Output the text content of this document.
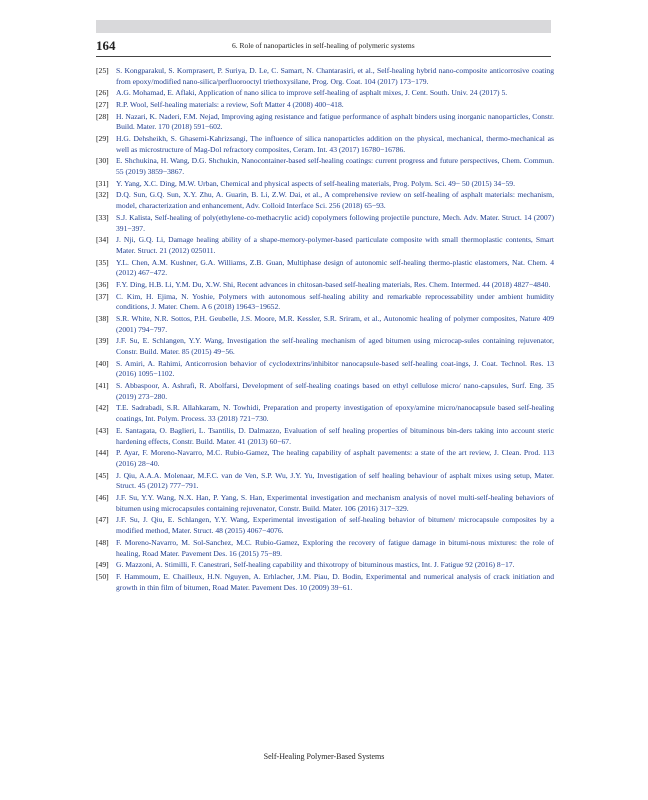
164	6. Role of nanoparticles in self-healing of polymeric systems
[25] S. Kongparakul, S. Kornprasert, P. Suriya, D. Le, C. Samart, N. Chantarasiri, et al., Self-healing hybrid nano-composite anticorrosive coating from epoxy/modified nano-silica/perfluorooctyl triethoxysilane, Prog. Org. Coat. 104 (2017) 173−179.
[26] A.G. Mohamad, E. Aflaki, Application of nano silica to improve self-healing of asphalt mixes, J. Cent. South. Univ. 24 (2017) 5.
[27] R.P. Wool, Self-healing materials: a review, Soft Matter 4 (2008) 400−418.
[28] H. Nazari, K. Naderi, F.M. Nejad, Improving aging resistance and fatigue performance of asphalt binders using inorganic nanoparticles, Constr. Build. Mater. 170 (2018) 591−602.
[29] H.G. Dehsheikh, S. Ghasemi-Kahrizsangi, The influence of silica nanoparticles addition on the physical, mechanical, thermo-mechanical as well as microstructure of Mag-Dol refractory composites, Ceram. Int. 43 (2017) 16780−16786.
[30] E. Shchukina, H. Wang, D.G. Shchukin, Nanocontainer-based self-healing coatings: current progress and future perspectives, Chem. Commun. 55 (2019) 3859−3867.
[31] Y. Yang, X.C. Ding, M.W. Urban, Chemical and physical aspects of self-healing materials, Prog. Polym. Sci. 49− 50 (2015) 34−59.
[32] D.Q. Sun, G.Q. Sun, X.Y. Zhu, A. Guarin, B. Li, Z.W. Dai, et al., A comprehensive review on self-healing of asphalt materials: mechanism, model, characterization and enhancement, Adv. Colloid Interface Sci. 256 (2018) 65−93.
[33] S.J. Kalista, Self-healing of poly(ethylene-co-methacrylic acid) copolymers following projectile puncture, Mech. Adv. Mater. Struct. 14 (2007) 391−397.
[34] J. Nji, G.Q. Li, Damage healing ability of a shape-memory-polymer-based particulate composite with small thermoplastic contents, Smart Mater. Struct. 21 (2012) 025011.
[35] Y.L. Chen, A.M. Kushner, G.A. Williams, Z.B. Guan, Multiphase design of autonomic self-healing thermo-plastic elastomers, Nat. Chem. 4 (2012) 467−472.
[36] F.Y. Ding, H.B. Li, Y.M. Du, X.W. Shi, Recent advances in chitosan-based self-healing materials, Res. Chem. Intermed. 44 (2018) 4827−4840.
[37] C. Kim, H. Ejima, N. Yoshie, Polymers with autonomous self-healing ability and remarkable reprocessability under ambient humidity conditions, J. Mater. Chem. A 6 (2018) 19643−19652.
[38] S.R. White, N.R. Sottos, P.H. Geubelle, J.S. Moore, M.R. Kessler, S.R. Sriram, et al., Autonomic healing of polymer composites, Nature 409 (2001) 794−797.
[39] J.F. Su, E. Schlangen, Y.Y. Wang, Investigation the self-healing mechanism of aged bitumen using microcap-sules containing rejuvenator, Constr. Build. Mater. 85 (2015) 49−56.
[40] S. Amiri, A. Rahimi, Anticorrosion behavior of cyclodextrins/inhibitor nanocapsule-based self-healing coat-ings, J. Coat. Technol. Res. 13 (2016) 1095−1102.
[41] S. Abbaspoor, A. Ashrafi, R. Abolfarsi, Development of self-healing coatings based on ethyl cellulose micro/ nano-capsules, Surf. Eng. 35 (2019) 273−280.
[42] T.E. Sadrabadi, S.R. Allahkaram, N. Towhidi, Preparation and property investigation of epoxy/amine micro/nanocapsule based self-healing coatings, Int. Polym. Process. 33 (2018) 721−730.
[43] E. Santagata, O. Baglieri, L. Tsantilis, D. Dalmazzo, Evaluation of self healing properties of bituminous bin-ders taking into account steric hardening effects, Constr. Build. Mater. 41 (2013) 60−67.
[44] P. Ayar, F. Moreno-Navarro, M.C. Rubio-Gamez, The healing capability of asphalt pavements: a state of the art review, J. Clean. Prod. 113 (2016) 28−40.
[45] J. Qiu, A.A.A. Molenaar, M.F.C. van de Ven, S.P. Wu, J.Y. Yu, Investigation of self healing behaviour of asphalt mixes using setup, Mater. Struct. 45 (2012) 777−791.
[46] J.F. Su, Y.Y. Wang, N.X. Han, P. Yang, S. Han, Experimental investigation and mechanism analysis of novel multi-self-healing behaviors of bitumen using microcapsules containing rejuvenator, Constr. Build. Mater. 106 (2016) 317−329.
[47] J.F. Su, J. Qiu, E. Schlangen, Y.Y. Wang, Experimental investigation of self-healing behavior of bitumen/ microcapsule composites by a modified method, Mater. Struct. 48 (2015) 4067−4076.
[48] F. Moreno-Navarro, M. Sol-Sanchez, M.C. Rubio-Gamez, Exploring the recovery of fatigue damage in bitumi-nous mixtures: the role of healing, Road Mater. Pavement Des. 16 (2015) 75−89.
[49] G. Mazzoni, A. Stimilli, F. Canestrari, Self-healing capability and thixotropy of bituminous mastics, Int. J. Fatigue 92 (2016) 8−17.
[50] F. Hammoum, E. Chailleux, H.N. Nguyen, A. Erhlacher, J.M. Piau, D. Bodin, Experimental and numerical analysis of crack initiation and growth in thin film of bitumen, Road Mater. Pavement Des. 10 (2009) 39−61.
Self-Healing Polymer-Based Systems
